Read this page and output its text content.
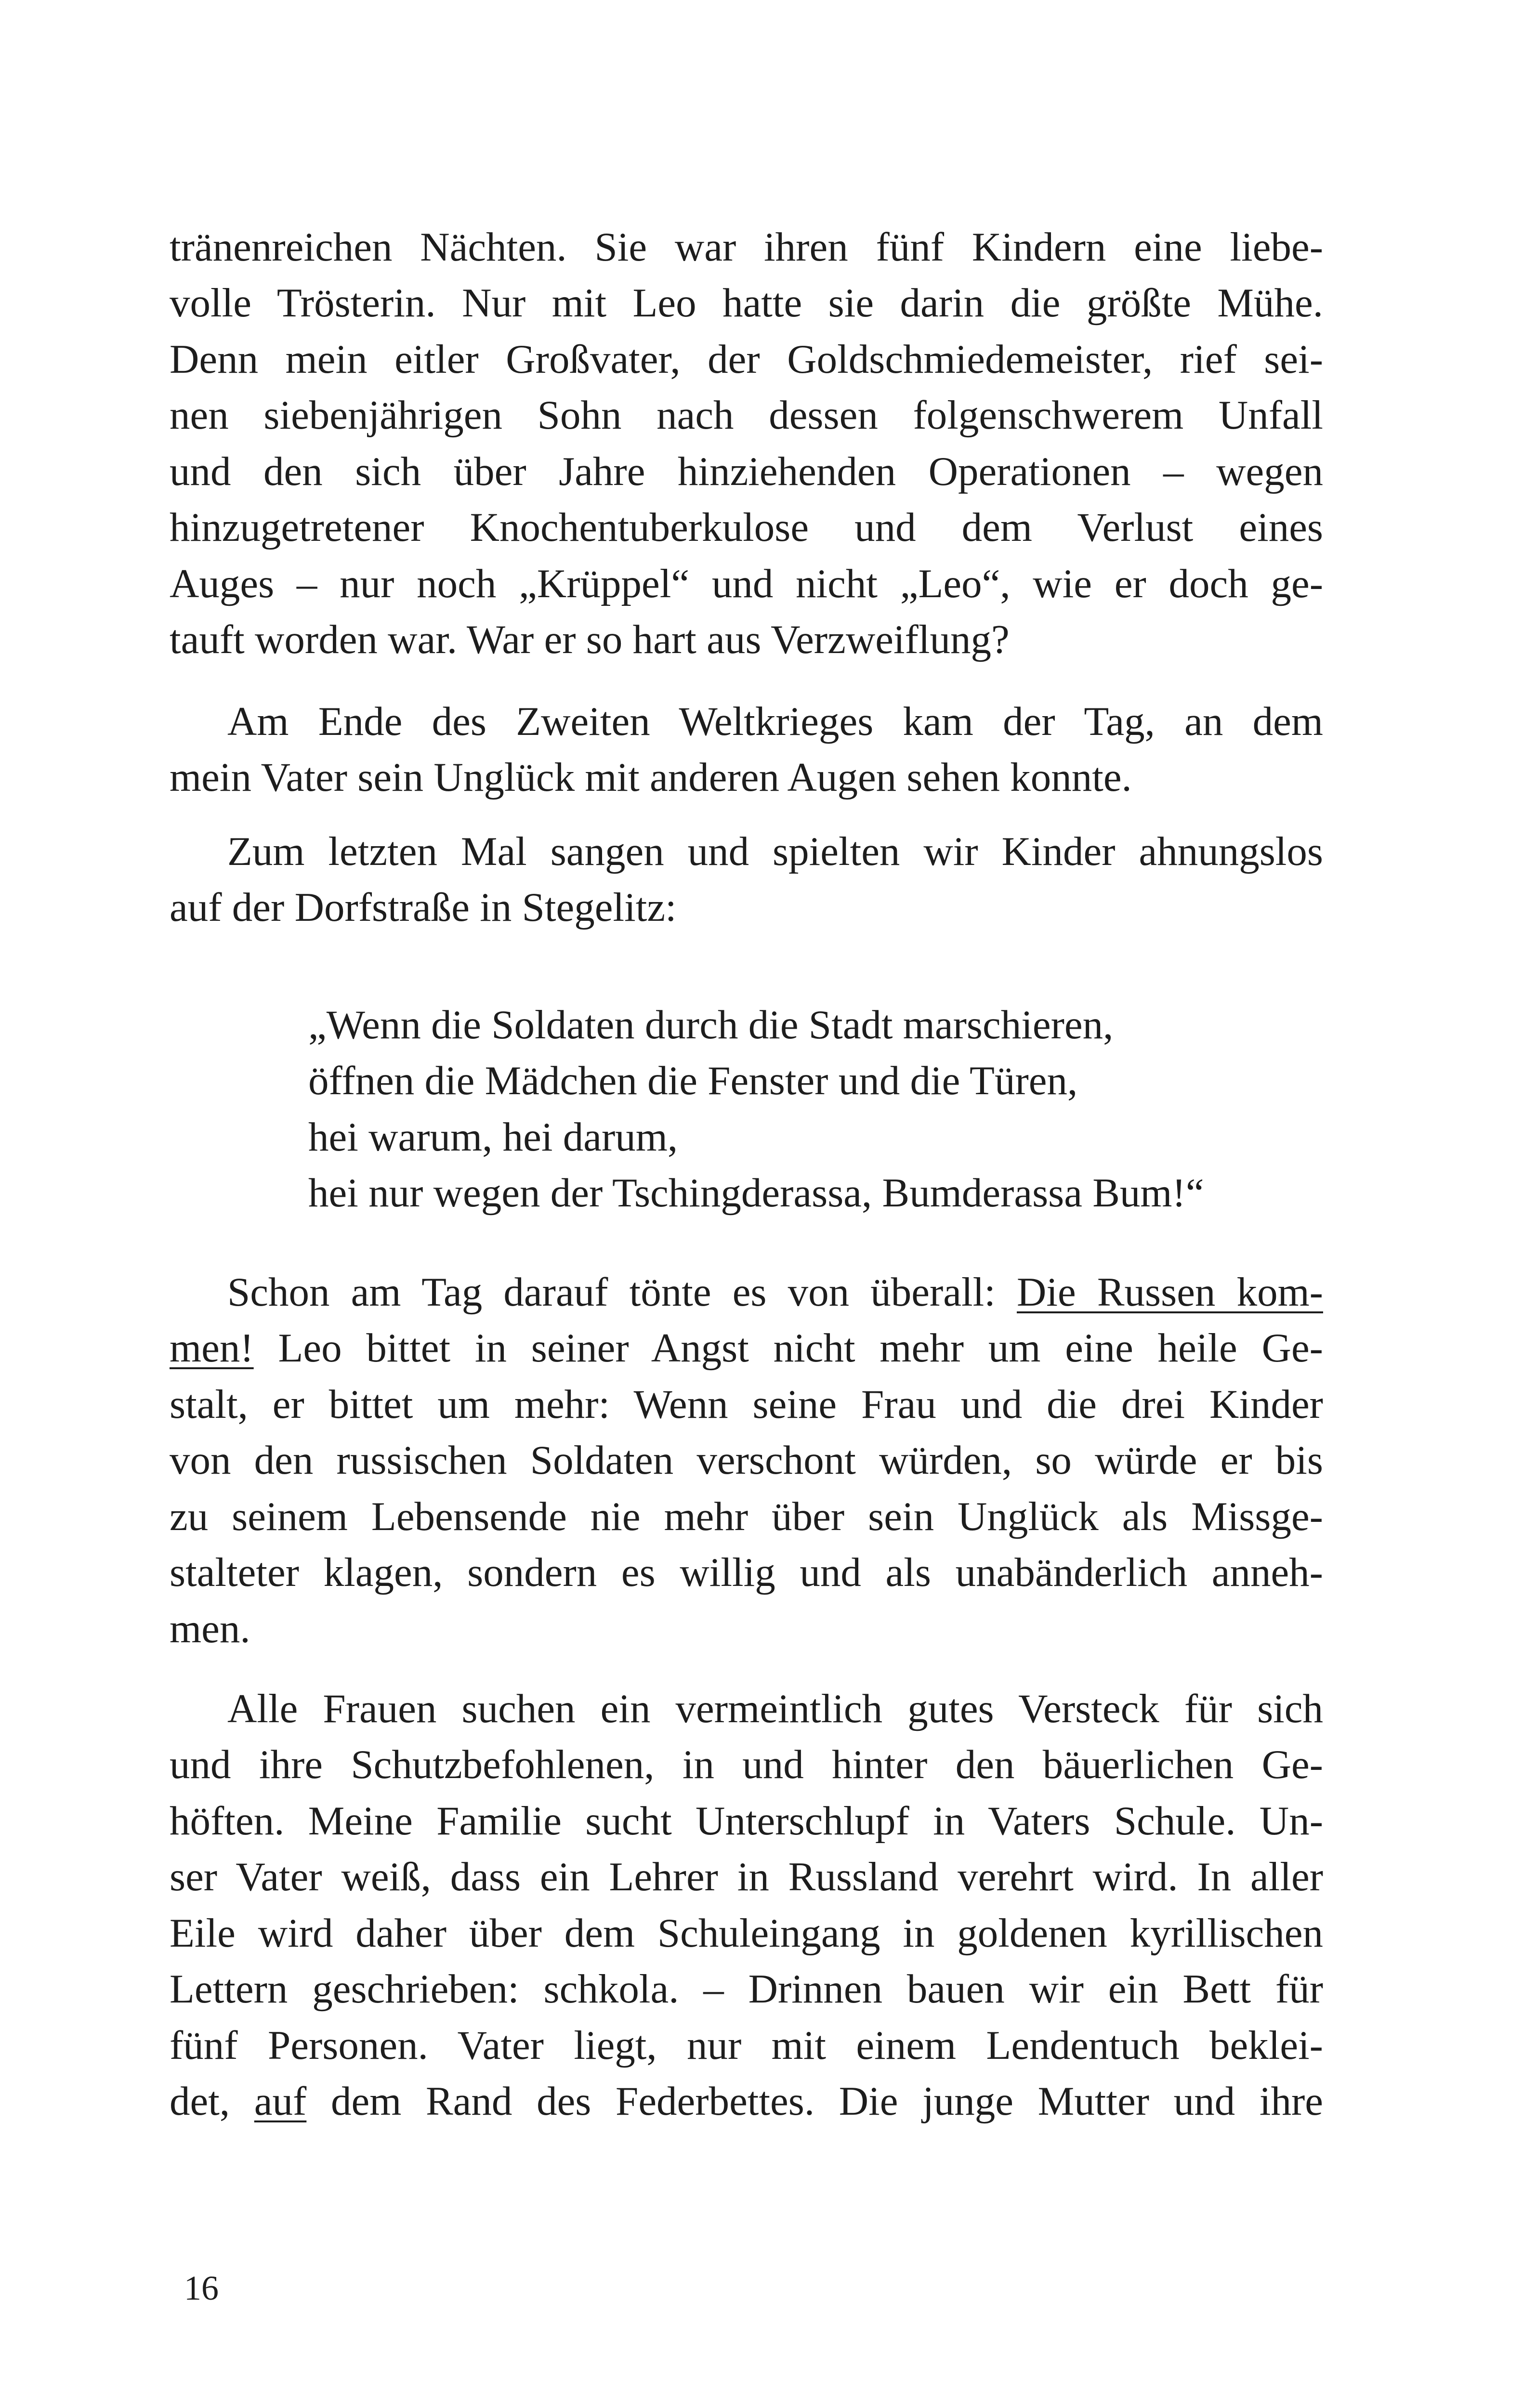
tränenreichen Nächten. Sie war ihren fünf Kindern eine liebe-
volle Trösterin. Nur mit Leo hatte sie darin die größte Mühe.
Denn mein eitler Großvater, der Goldschmiedemeister, rief sei-
nen siebenjährigen Sohn nach dessen folgenschwerem Unfall
und den sich über Jahre hinziehenden Operationen – wegen
hinzugetretener Knochentuberkulose und dem Verlust eines
Auges – nur noch „Krüppel“ und nicht „Leo“, wie er doch ge-
tauft worden war. War er so hart aus Verzweiflung?
Am Ende des Zweiten Weltkrieges kam der Tag, an dem
mein Vater sein Unglück mit anderen Augen sehen konnte.
Zum letzten Mal sangen und spielten wir Kinder ahnungslos
auf der Dorfstraße in Stegelitz:
„Wenn die Soldaten durch die Stadt marschieren,
öffnen die Mädchen die Fenster und die Türen,
hei warum, hei darum,
hei nur wegen der Tschingderassa, Bumderassa Bum!“
Schon am Tag darauf tönte es von überall: Die Russen kom-
men! Leo bittet in seiner Angst nicht mehr um eine heile Ge-
stalt, er bittet um mehr: Wenn seine Frau und die drei Kinder
von den russischen Soldaten verschont würden, so würde er bis
zu seinem Lebensende nie mehr über sein Unglück als Missge-
stalteter klagen, sondern es willig und als unabänderlich anneh-
men.
Alle Frauen suchen ein vermeintlich gutes Versteck für sich
und ihre Schutzbefohlenen, in und hinter den bäuerlichen Ge-
höften. Meine Familie sucht Unterschlupf in Vaters Schule. Un-
ser Vater weiß, dass ein Lehrer in Russland verehrt wird. In aller
Eile wird daher über dem Schuleingang in goldenen kyrillischen
Lettern geschrieben: schkola. – Drinnen bauen wir ein Bett für
fünf Personen. Vater liegt, nur mit einem Lendentuch beklei-
det, auf dem Rand des Federbettes. Die junge Mutter und ihre
16
